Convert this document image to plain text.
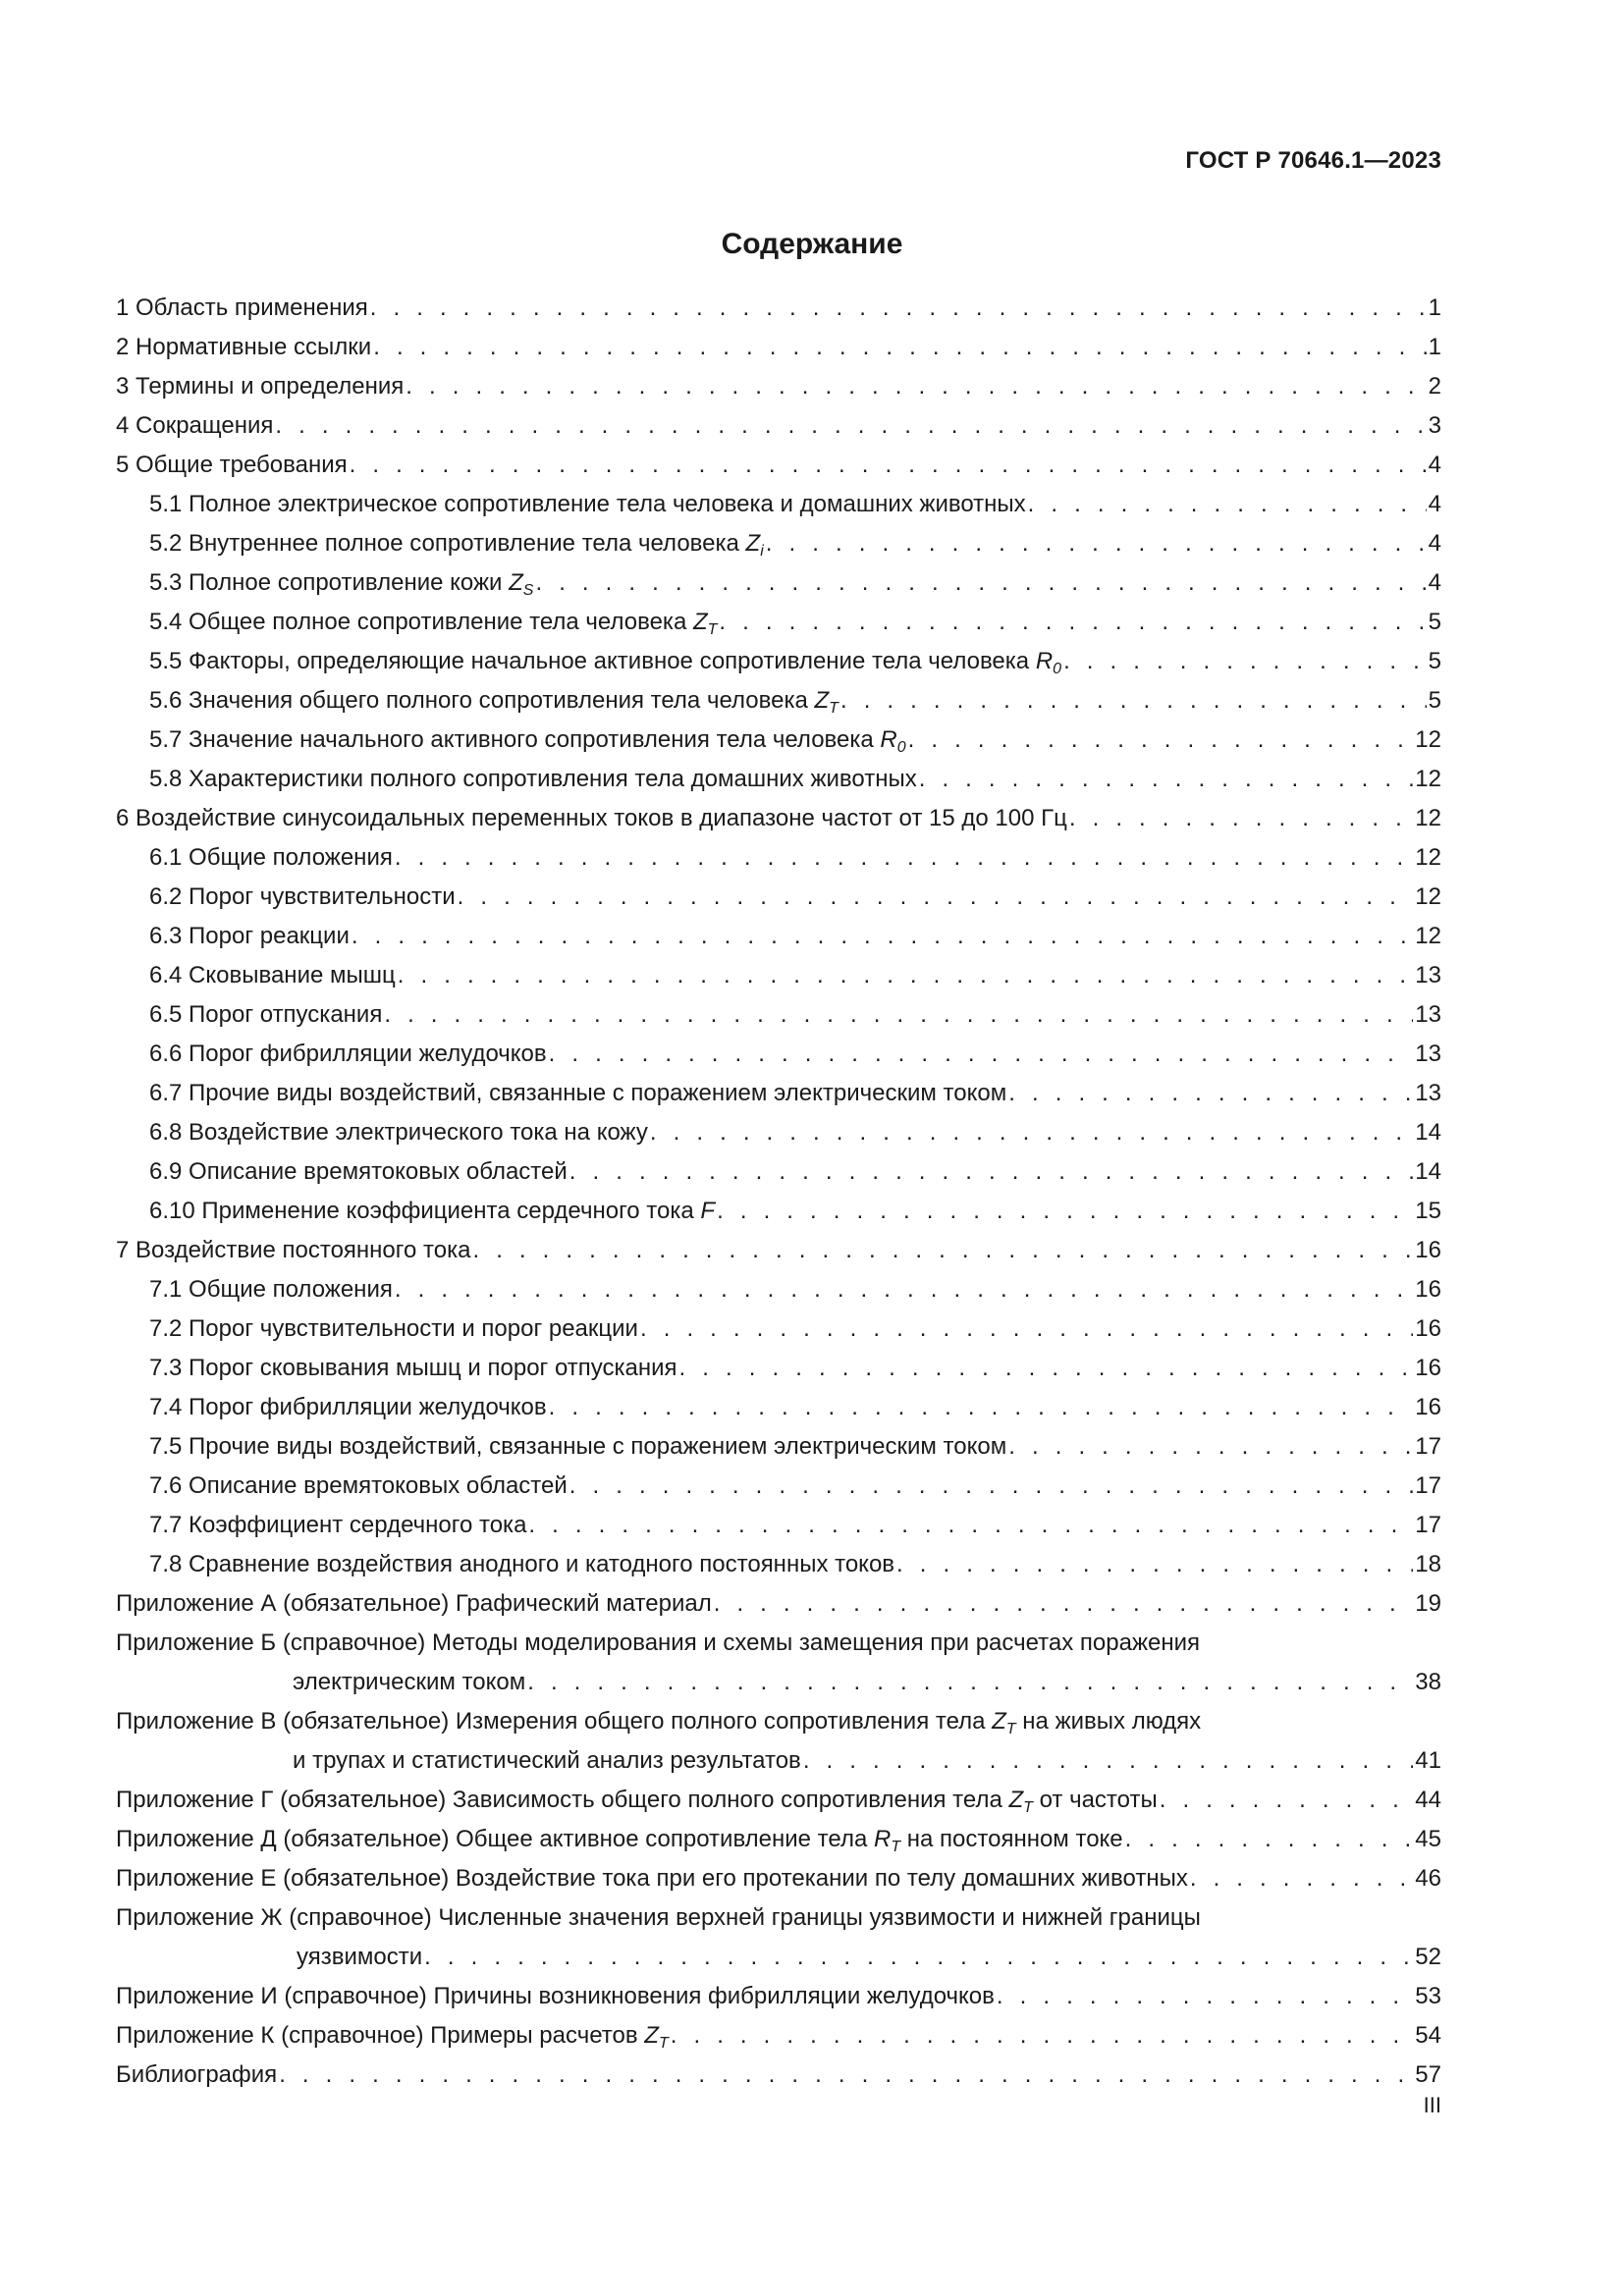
ГОСТ Р 70646.1—2023
Содержание
1 Область применения . . .	1
2 Нормативные ссылки . . .	1
3 Термины и определения . . .	2
4 Сокращения . . .	3
5 Общие требования . . .	4
5.1 Полное электрическое сопротивление тела человека и домашних животных . . .	4
5.2 Внутреннее полное сопротивление тела человека $Z_i$ . . .	4
5.3 Полное сопротивление кожи $Z_S$ . . .	4
5.4 Общее полное сопротивление тела человека $Z_T$ . . .	5
5.5 Факторы, определяющие начальное активное сопротивление тела человека $R_0$ . . .	5
5.6 Значения общего полного сопротивления тела человека $Z_T$ . . .	5
5.7 Значение начального активного сопротивления тела человека $R_0$ . . .	12
5.8 Характеристики полного сопротивления тела домашних животных . . .	12
6 Воздействие синусоидальных переменных токов в диапазоне частот от 15 до 100 Гц . . .	12
6.1 Общие положения . . .	12
6.2 Порог чувствительности . . .	12
6.3 Порог реакции . . .	12
6.4 Сковывание мышц . . .	13
6.5 Порог отпускания . . .	13
6.6 Порог фибрилляции желудочков . . .	13
6.7 Прочие виды воздействий, связанные с поражением электрическим током . . .	13
6.8 Воздействие электрического тока на кожу . . .	14
6.9 Описание времятоковых областей . . .	14
6.10 Применение коэффициента сердечного тока F . . .	15
7 Воздействие постоянного тока . . .	16
7.1 Общие положения . . .	16
7.2 Порог чувствительности и порог реакции . . .	16
7.3 Порог сковывания мышц и порог отпускания . . .	16
7.4 Порог фибрилляции желудочков . . .	16
7.5 Прочие виды воздействий, связанные с поражением электрическим током . . .	17
7.6 Описание времятоковых областей . . .	17
7.7 Коэффициент сердечного тока . . .	17
7.8 Сравнение воздействия анодного и катодного постоянных токов . . .	18
Приложение А (обязательное) Графический материал . . .	19
Приложение Б (справочное) Методы моделирования и схемы замещения при расчетах поражения
электрическим током . . .	38
Приложение В (обязательное) Измерения общего полного сопротивления тела $Z_T$ на живых людях
и трупах и статистический анализ результатов . . .	41
Приложение Г (обязательное) Зависимость общего полного сопротивления тела $Z_T$ от частоты . . .	44
Приложение Д (обязательное) Общее активное сопротивление тела $R_T$ на постоянном токе . . .	45
Приложение Е (обязательное) Воздействие тока при его протекании по телу домашних животных . . .	46
Приложение Ж (справочное) Численные значения верхней границы уязвимости и нижней границы
уязвимости . . .	52
Приложение И (справочное) Причины возникновения фибрилляции желудочков . . .	53
Приложение К (справочное) Примеры расчетов $Z_T$ . . .	54
Библиография . . .	57
III
